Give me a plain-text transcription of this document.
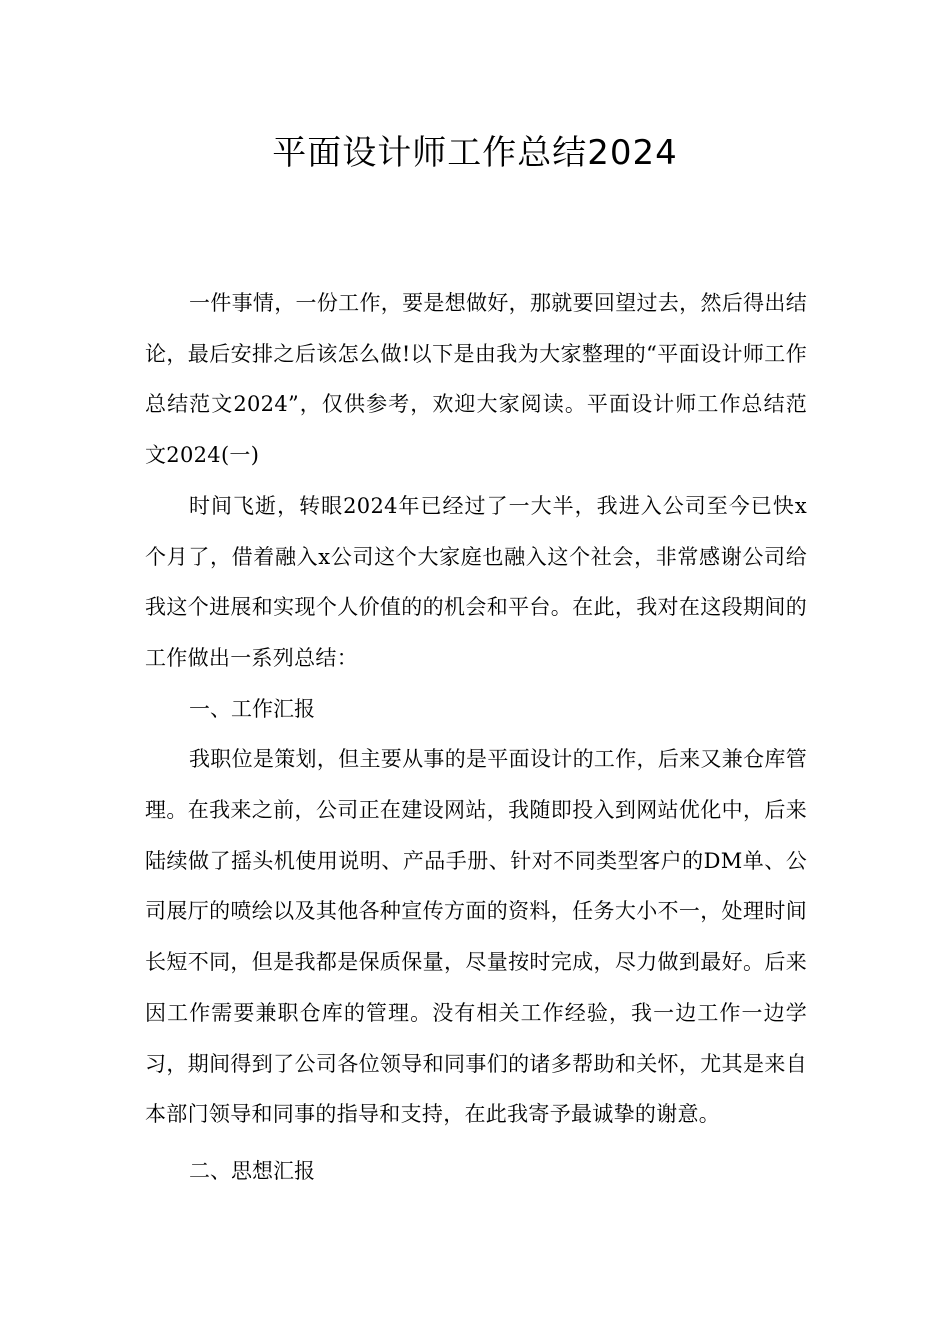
平面设计师工作总结2024

一件事情，一份工作，要是想做好，那就要回望过去，然后得出结论，最后安排之后该怎么做!以下是由我为大家整理的“平面设计师工作总结范文2024”，仅供参考，欢迎大家阅读。平面设计师工作总结范文2024(一)

时间飞逝，转眼2024年已经过了一大半，我进入公司至今已快x个月了，借着融入x公司这个大家庭也融入这个社会，非常感谢公司给我这个进展和实现个人价值的的机会和平台。在此，我对在这段期间的工作做出一系列总结：

一、工作汇报

我职位是策划，但主要从事的是平面设计的工作，后来又兼仓库管理。在我来之前，公司正在建设网站，我随即投入到网站优化中，后来陆续做了摇头机使用说明、产品手册、针对不同类型客户的DM单、公司展厅的喷绘以及其他各种宣传方面的资料，任务大小不一，处理时间长短不同，但是我都是保质保量，尽量按时完成，尽力做到最好。后来因工作需要兼职仓库的管理。没有相关工作经验，我一边工作一边学习，期间得到了公司各位领导和同事们的诸多帮助和关怀，尤其是来自本部门领导和同事的指导和支持，在此我寄予最诚挚的谢意。

二、思想汇报
